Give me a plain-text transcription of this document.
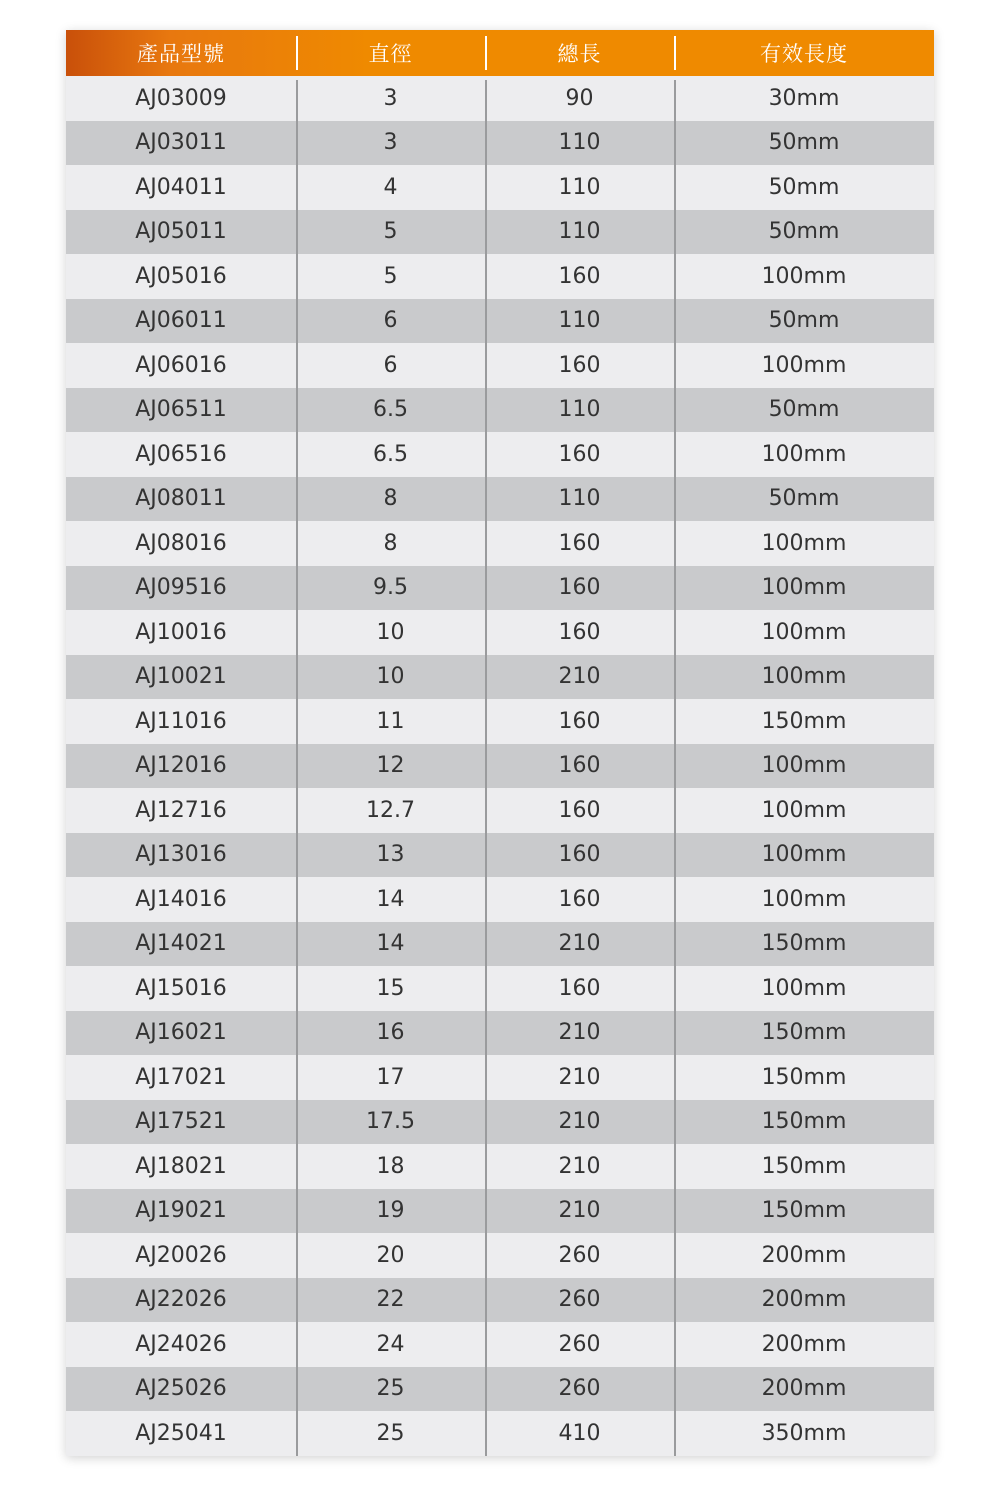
產品型號	直徑	總長	有效長度
AJ03009	3	90	30mm
AJ03011	3	110	50mm
AJ04011	4	110	50mm
AJ05011	5	110	50mm
AJ05016	5	160	100mm
AJ06011	6	110	50mm
AJ06016	6	160	100mm
AJ06511	6.5	110	50mm
AJ06516	6.5	160	100mm
AJ08011	8	110	50mm
AJ08016	8	160	100mm
AJ09516	9.5	160	100mm
AJ10016	10	160	100mm
AJ10021	10	210	100mm
AJ11016	11	160	150mm
AJ12016	12	160	100mm
AJ12716	12.7	160	100mm
AJ13016	13	160	100mm
AJ14016	14	160	100mm
AJ14021	14	210	150mm
AJ15016	15	160	100mm
AJ16021	16	210	150mm
AJ17021	17	210	150mm
AJ17521	17.5	210	150mm
AJ18021	18	210	150mm
AJ19021	19	210	150mm
AJ20026	20	260	200mm
AJ22026	22	260	200mm
AJ24026	24	260	200mm
AJ25026	25	260	200mm
AJ25041	25	410	350mm
